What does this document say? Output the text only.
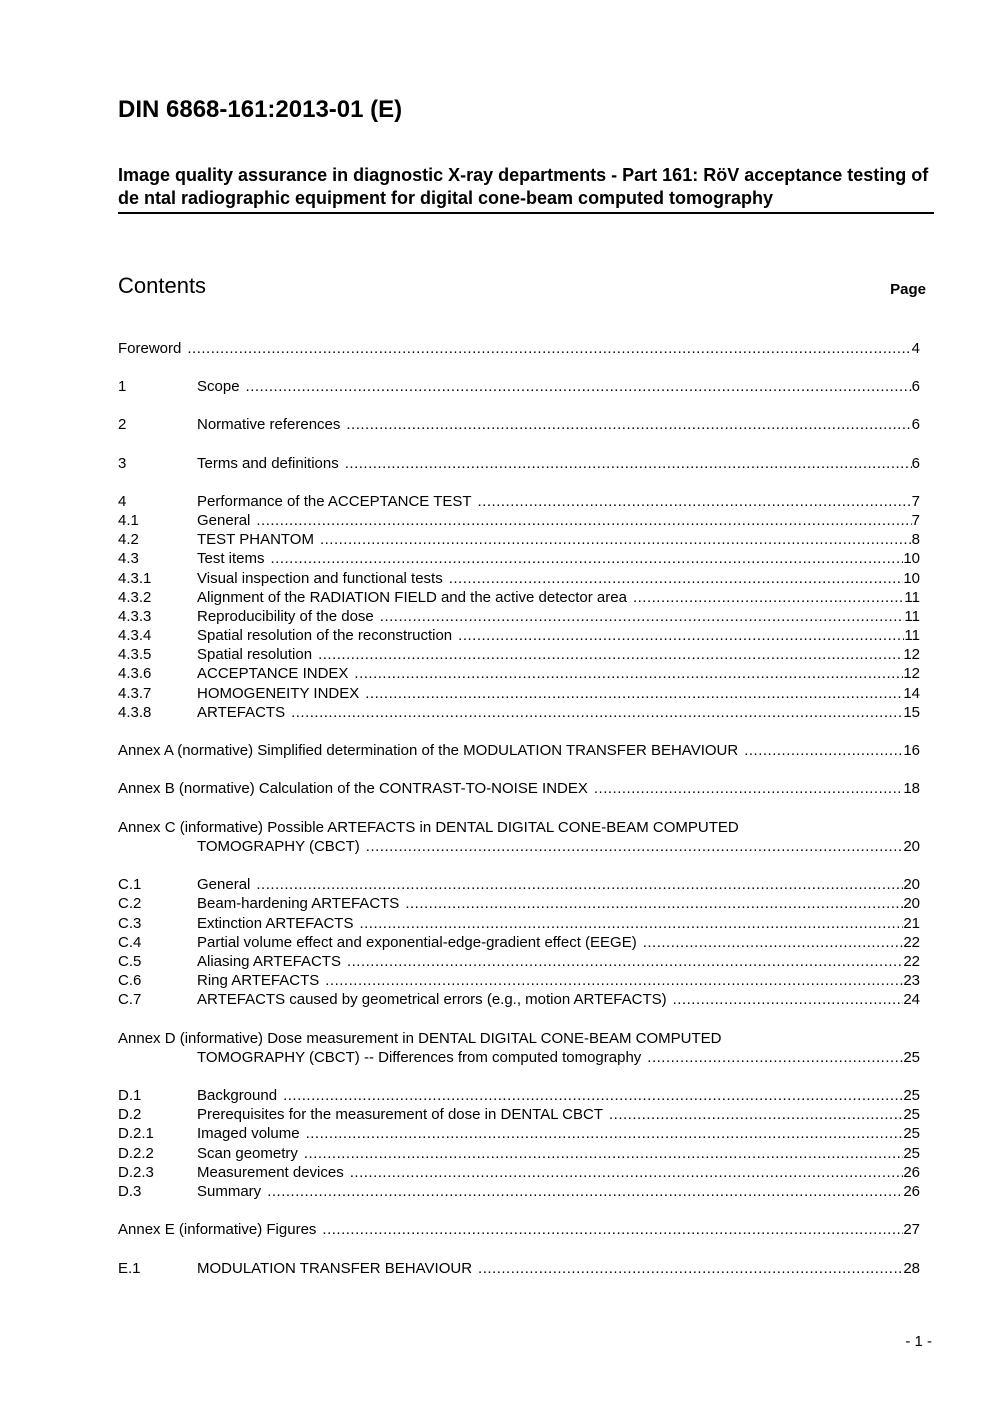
DIN 6868-161:2013-01 (E)
Image quality assurance in diagnostic X-ray departments - Part 161: RöV acceptance testing of de ntal radiographic equipment for digital cone-beam computed tomography
Contents	Page
Foreword .....	4
1	Scope .....	6
2	Normative references .....	6
3	Terms and definitions .....	6
4	Performance of the ACCEPTANCE TEST .....	7
4.1	General .....	7
4.2	TEST PHANTOM .....	8
4.3	Test items .....	10
4.3.1	Visual inspection and functional tests .....	10
4.3.2	Alignment of the RADIATION FIELD and the active detector area .....	11
4.3.3	Reproducibility of the dose .....	11
4.3.4	Spatial resolution of the reconstruction .....	11
4.3.5	Spatial resolution .....	12
4.3.6	ACCEPTANCE INDEX .....	12
4.3.7	HOMOGENEITY INDEX .....	14
4.3.8	ARTEFACTS .....	15
Annex A (normative) Simplified determination of the MODULATION TRANSFER BEHAVIOUR .....	16
Annex B (normative) Calculation of the CONTRAST-TO-NOISE INDEX .....	18
Annex C (informative) Possible ARTEFACTS in DENTAL DIGITAL CONE-BEAM COMPUTED
TOMOGRAPHY (CBCT) .....	20
C.1	General .....	20
C.2	Beam-hardening ARTEFACTS .....	20
C.3	Extinction ARTEFACTS .....	21
C.4	Partial volume effect and exponential-edge-gradient effect (EEGE) .....	22
C.5	Aliasing ARTEFACTS .....	22
C.6	Ring ARTEFACTS .....	23
C.7	ARTEFACTS caused by geometrical errors (e.g., motion ARTEFACTS) .....	24
Annex D (informative) Dose measurement in DENTAL DIGITAL CONE-BEAM COMPUTED
TOMOGRAPHY (CBCT) -- Differences from computed tomography .....	25
D.1	Background .....	25
D.2	Prerequisites for the measurement of dose in DENTAL CBCT .....	25
D.2.1	Imaged volume .....	25
D.2.2	Scan geometry .....	25
D.2.3	Measurement devices .....	26
D.3	Summary .....	26
Annex E (informative) Figures .....	27
E.1	MODULATION TRANSFER BEHAVIOUR .....	28
- 1 -
